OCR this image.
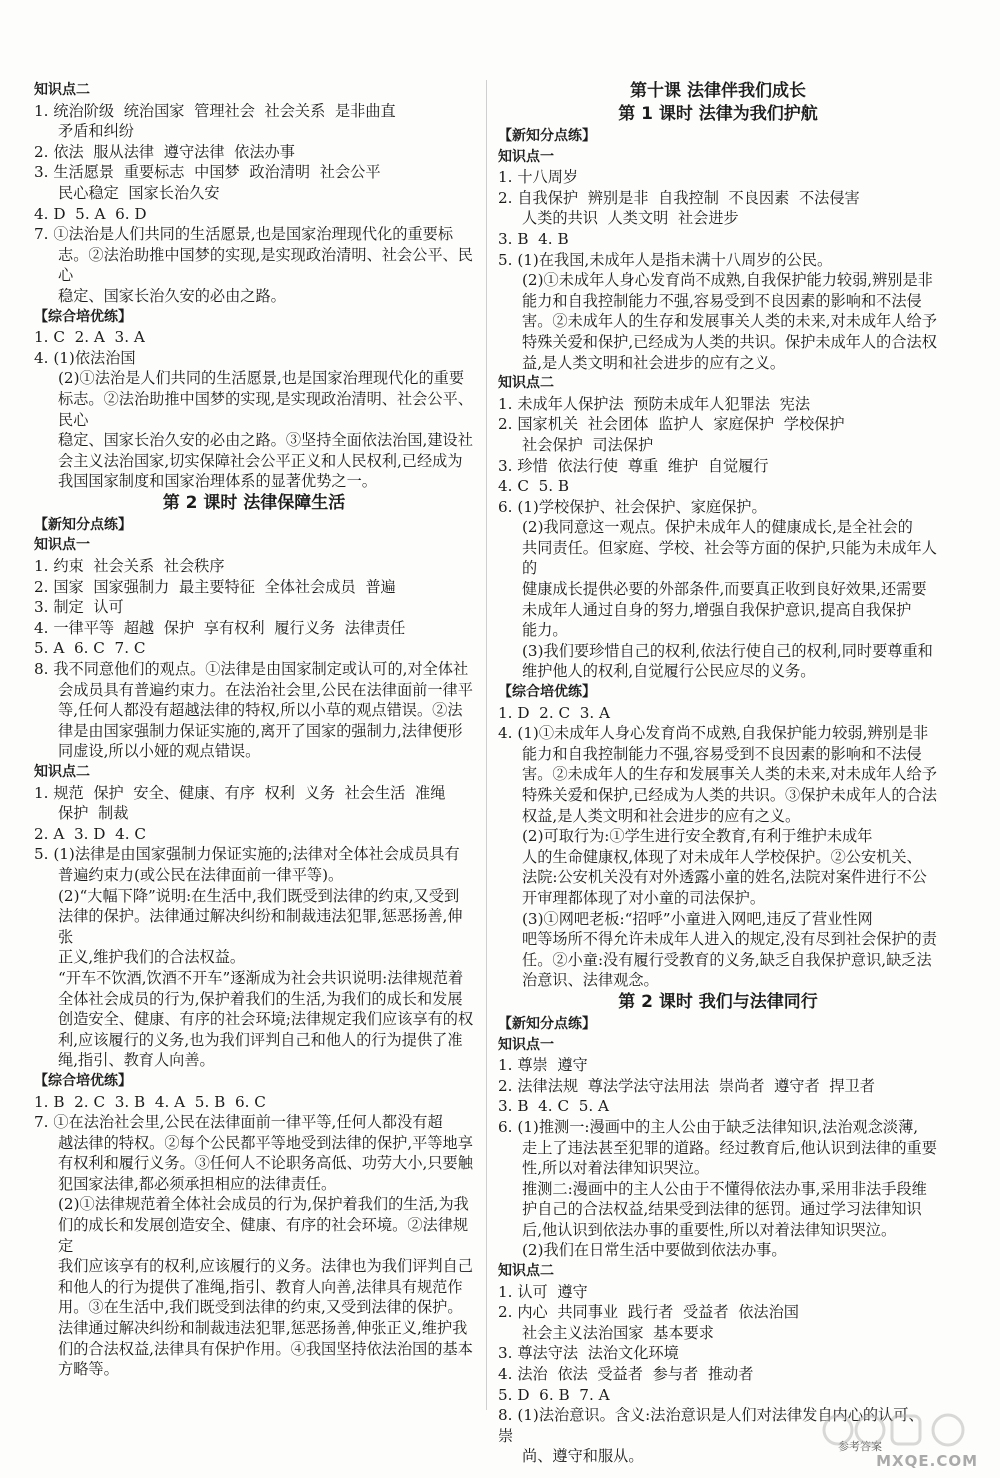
知识点二
1. 统治阶级  统治国家  管理社会  社会关系  是非曲直
矛盾和纠纷
2. 依法  服从法律  遵守法律  依法办事
3. 生活愿景  重要标志  中国梦  政治清明  社会公平
民心稳定  国家长治久安
4. D  5. A  6. D
7. ①法治是人们共同的生活愿景,也是国家治理现代化的重要标
志。②法治助推中国梦的实现,是实现政治清明、社会公平、民心
稳定、国家长治久安的必由之路。
【综合培优练】
1. C  2. A  3. A
4. (1)依法治国
(2)①法治是人们共同的生活愿景,也是国家治理现代化的重要
标志。②法治助推中国梦的实现,是实现政治清明、社会公平、民心
稳定、国家长治久安的必由之路。③坚持全面依法治国,建设社
会主义法治国家,切实保障社会公平正义和人民权利,已经成为
我国国家制度和国家治理体系的显著优势之一。
第 2 课时 法律保障生活
【新知分点练】
知识点一
1. 约束  社会关系  社会秩序
2. 国家  国家强制力  最主要特征  全体社会成员  普遍
3. 制定  认可
4. 一律平等  超越  保护  享有权利  履行义务  法律责任
5. A  6. C  7. C
8. 我不同意他们的观点。①法律是由国家制定或认可的,对全体社
会成员具有普遍约束力。在法治社会里,公民在法律面前一律平
等,任何人都没有超越法律的特权,所以小草的观点错误。②法
律是由国家强制力保证实施的,离开了国家的强制力,法律便形
同虚设,所以小娅的观点错误。
知识点二
1. 规范  保护  安全、健康、有序  权利  义务  社会生活  准绳
保护  制裁
2. A  3. D  4. C
5. (1)法律是由国家强制力保证实施的;法律对全体社会成员具有
普遍约束力(或公民在法律面前一律平等)。
(2)“大幅下降”说明:在生活中,我们既受到法律的约束,又受到
法律的保护。法律通过解决纠纷和制裁违法犯罪,惩恶扬善,伸张
正义,维护我们的合法权益。
“开车不饮酒,饮酒不开车”逐渐成为社会共识说明:法律规范着
全体社会成员的行为,保护着我们的生活,为我们的成长和发展
创造安全、健康、有序的社会环境;法律规定我们应该享有的权
利,应该履行的义务,也为我们评判自己和他人的行为提供了准
绳,指引、教育人向善。
【综合培优练】
1. B  2. C  3. B  4. A  5. B  6. C
7. ①在法治社会里,公民在法律面前一律平等,任何人都没有超
越法律的特权。②每个公民都平等地受到法律的保护,平等地享
有权利和履行义务。③任何人不论职务高低、功劳大小,只要触
犯国家法律,都必须承担相应的法律责任。
(2)①法律规范着全体社会成员的行为,保护着我们的生活,为我
们的成长和发展创造安全、健康、有序的社会环境。②法律规定
我们应该享有的权利,应该履行的义务。法律也为我们评判自己
和他人的行为提供了准绳,指引、教育人向善,法律具有规范作
用。③在生活中,我们既受到法律的约束,又受到法律的保护。
法律通过解决纠纷和制裁违法犯罪,惩恶扬善,伸张正义,维护我
们的合法权益,法律具有保护作用。④我国坚持依法治国的基本
方略等。
第十课 法律伴我们成长
第 1 课时 法律为我们护航
【新知分点练】
知识点一
1. 十八周岁
2. 自我保护  辨别是非  自我控制  不良因素  不法侵害
人类的共识  人类文明  社会进步
3. B  4. B
5. (1)在我国,未成年人是指未满十八周岁的公民。
(2)①未成年人身心发育尚不成熟,自我保护能力较弱,辨别是非
能力和自我控制能力不强,容易受到不良因素的影响和不法侵
害。②未成年人的生存和发展事关人类的未来,对未成年人给予
特殊关爱和保护,已经成为人类的共识。保护未成年人的合法权
益,是人类文明和社会进步的应有之义。
知识点二
1. 未成年人保护法  预防未成年人犯罪法  宪法
2. 国家机关  社会团体  监护人  家庭保护  学校保护
社会保护  司法保护
3. 珍惜  依法行使  尊重  维护  自觉履行
4. C  5. B
6. (1)学校保护、社会保护、家庭保护。
(2)我同意这一观点。保护未成年人的健康成长,是全社会的
共同责任。但家庭、学校、社会等方面的保护,只能为未成年人的
健康成长提供必要的外部条件,而要真正收到良好效果,还需要
未成年人通过自身的努力,增强自我保护意识,提高自我保护
能力。
(3)我们要珍惜自己的权利,依法行使自己的权利,同时要尊重和
维护他人的权利,自觉履行公民应尽的义务。
【综合培优练】
1. D  2. C  3. A
4. (1)①未成年人身心发育尚不成熟,自我保护能力较弱,辨别是非
能力和自我控制能力不强,容易受到不良因素的影响和不法侵
害。②未成年人的生存和发展事关人类的未来,对未成年人给予
特殊关爱和保护,已经成为人类的共识。③保护未成年人的合法
权益,是人类文明和社会进步的应有之义。
(2)可取行为:①学生进行安全教育,有利于维护未成年
人的生命健康权,体现了对未成年人学校保护。②公安机关、
法院:公安机关没有对外透露小童的姓名,法院对案件进行不公
开审理都体现了对小童的司法保护。
(3)①网吧老板:“招呼”小童进入网吧,违反了营业性网
吧等场所不得允许未成年人进入的规定,没有尽到社会保护的责
任。②小童:没有履行受教育的义务,缺乏自我保护意识,缺乏法
治意识、法律观念。
第 2 课时 我们与法律同行
【新知分点练】
知识点一
1. 尊崇  遵守
2. 法律法规  尊法学法守法用法  崇尚者  遵守者  捍卫者
3. B  4. C  5. A
6. (1)推测一:漫画中的主人公由于缺乏法律知识,法治观念淡薄,
走上了违法甚至犯罪的道路。经过教育后,他认识到法律的重要
性,所以对着法律知识哭泣。
推测二:漫画中的主人公由于不懂得依法办事,采用非法手段维
护自己的合法权益,结果受到法律的惩罚。通过学习法律知识
后,他认识到依法办事的重要性,所以对着法律知识哭泣。
(2)我们在日常生活中要做到依法办事。
知识点二
1. 认可  遵守
2. 内心  共同事业  践行者  受益者  依法治国
社会主义法治国家  基本要求
3. 尊法守法  法治文化环境
4. 法治  依法  受益者  参与者  推动者
5. D  6. B  7. A
8. (1)法治意识。含义:法治意识是人们对法律发自内心的认可、崇
尚、遵守和服从。
参考答案
MXQE.COM
